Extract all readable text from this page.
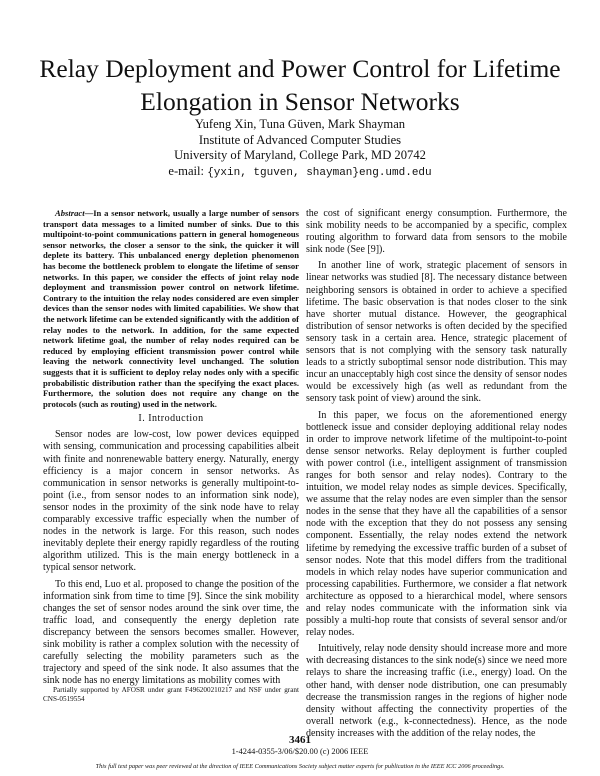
Relay Deployment and Power Control for Lifetime
Elongation in Sensor Networks
Yufeng Xin, Tuna Güven, Mark Shayman
Institute of Advanced Computer Studies
University of Maryland, College Park, MD 20742
e-mail: {yxin, tguven, shayman}eng.umd.edu

Abstract—In a sensor network, usually a large number of sensors transport data messages to a limited number of sinks. Due to this multipoint-to-point communications pattern in general homogeneous sensor networks, the closer a sensor to the sink, the quicker it will deplete its battery. This unbalanced energy depletion phenomenon has become the bottleneck problem to elongate the lifetime of sensor networks. In this paper, we consider the effects of joint relay node deployment and transmission power control on network lifetime. Contrary to the intuition the relay nodes considered are even simpler devices than the sensor nodes with limited capabilities. We show that the network lifetime can be extended significantly with the addition of relay nodes to the network. In addition, for the same expected network lifetime goal, the number of relay nodes required can be reduced by employing efficient transmission power control while leaving the network connectivity level unchanged. The solution suggests that it is sufficient to deploy relay nodes only with a specific probabilistic distribution rather than the specifying the exact places. Furthermore, the solution does not require any change on the protocols (such as routing) used in the network.

I. Introduction

Sensor nodes are low-cost, low power devices equipped with sensing, communication and processing capabilities albeit with finite and nonrenewable battery energy. Naturally, energy efficiency is a major concern in sensor networks. As communication in sensor networks is generally multipoint-to-point (i.e., from sensor nodes to an information sink node), sensor nodes in the proximity of the sink node have to relay comparably excessive traffic especially when the number of nodes in the network is large. For this reason, such nodes inevitably deplete their energy rapidly regardless of the routing algorithm utilized. This is the main energy bottleneck in a typical sensor network.

To this end, Luo et al. proposed to change the position of the information sink from time to time [9]. Since the sink mobility changes the set of sensor nodes around the sink over time, the traffic load, and consequently the energy depletion rate discrepancy between the sensors becomes smaller. However, sink mobility is rather a complex solution with the necessity of carefully selecting the mobility parameters such as the trajectory and speed of the sink node. It also assumes that the sink node has no energy limitations as mobility comes with

the cost of significant energy consumption. Furthermore, the sink mobility needs to be accompanied by a specific, complex routing algorithm to forward data from sensors to the mobile sink node (See [9]).

In another line of work, strategic placement of sensors in linear networks was studied [8]. The necessary distance between neighboring sensors is obtained in order to achieve a specified lifetime. The basic observation is that nodes closer to the sink have shorter mutual distance. However, the geographical distribution of sensor networks is often decided by the specified sensory task in a certain area. Hence, strategic placement of sensors that is not complying with the sensory task naturally leads to a strictly suboptimal sensor node distribution. This may incur an unacceptably high cost since the density of sensor nodes would be excessively high (as well as redundant from the sensory task point of view) around the sink.

In this paper, we focus on the aforementioned energy bottleneck issue and consider deploying additional relay nodes in order to improve network lifetime of the multipoint-to-point dense sensor networks. Relay deployment is further coupled with power control (i.e., intelligent assignment of transmission ranges for both sensor and relay nodes). Contrary to the intuition, we model relay nodes as simple devices. Specifically, we assume that the relay nodes are even simpler than the sensor nodes in the sense that they have all the capabilities of a sensor node with the exception that they do not possess any sensing component. Essentially, the relay nodes extend the network lifetime by remedying the excessive traffic burden of a subset of sensor nodes. Note that this model differs from the traditional models in which relay nodes have superior communication and processing capabilities. Furthermore, we consider a flat network architecture as opposed to a hierarchical model, where sensors and relay nodes communicate with the information sink via possibly a multi-hop route that consists of several sensor and/or relay nodes.

Intuitively, relay node density should increase more and more with decreasing distances to the sink node(s) since we need more relays to share the increasing traffic (i.e., energy) load. On the other hand, with denser node distribution, one can presumably decrease the transmission ranges in the regions of higher node density without affecting the connectivity properties of the overall network (e.g., k-connectedness). Hence, as the node density increases with the addition of the relay nodes, the

Partially supported by AFOSR under grant F496200210217 and NSF under grant CNS-0519554

3461
1-4244-0355-3/06/$20.00 (c) 2006 IEEE
This full text paper was peer reviewed at the direction of IEEE Communications Society subject matter experts for publication in the IEEE ICC 2006 proceedings.
